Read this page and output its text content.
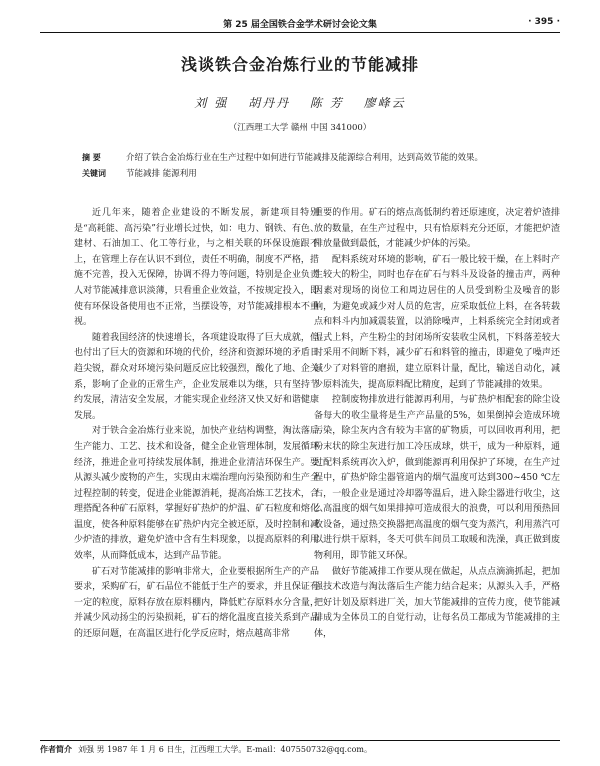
第 25 届全国铁合金学术研讨会论文集	· 395 ·
浅谈铁合金冶炼行业的节能减排
刘 强 胡丹丹 陈 芳 廖峰云
（江西理工大学 赣州 中国 341000）
摘 要	介绍了铁合金冶炼行业在生产过程中如何进行节能减排及能源综合利用，达到高效节能的效果。
关键词 节能减排 能源利用

近几年来，随着企业建设的不断发展，新建项目特别是“高耗能、高污染”行业增长过快，如：电力、钢铁、有色、建材、石油加工、化工等行业，与之相关联的环保设施跟不上，在管理上存在认识不到位，责任不明确，制度不严格，措施不完善，投入无保障，协调不得力等问题，特别是企业负责人对节能减排意识淡薄，只看重企业效益，不按规定投入，即使有环保设备使用也不正常，当摆设等，对节能减排根本不重视。

随着我国经济的快速增长，各项建设取得了巨大成就，但也付出了巨大的资源和环境的代价，经济和资源环境的矛盾日趋尖锐，群众对环境污染问题反应比较强烈，酸化了地、企关系，影响了企业的正常生产，企业发展难以为继，只有坚持节约发展，清洁安全发展，才能实现企业经济又快又好和谐健康发展。

对于铁合金冶炼行业来说，加快产业结构调整，淘汰落后生产能力、工艺、技术和设备，健全企业管理体制，发展循环经济，推进企业可持续发展体制，推进企业清洁环保生产。要从源头减少废物的产生，实现由末端治理向污染预防和生产全过程控制的转变，促进企业能源消耗，提高冶炼工艺技术，合理搭配各种矿石原料，掌握好矿热炉的炉温、矿石粒度和熔化温度，使各种原料能够在矿热炉内完全被还原，及时控制和减少炉渣的排放，避免炉渣中含有生料现象，以提高原料的利用效率，从而降低成本，达到产品节能。

矿石对节能减排的影响非常大，企业要根据所生产的产品要求，采购矿石，矿石品位不能低于生产的要求，并且保证有一定的粒度，原料存放在原料棚内，降低贮存原料水分含量，并减少风动扬尘的污染损耗，矿石的熔化温度直接关系到产品的还原问题，在高温区进行化学反应时，熔点越高非常

重要的作用。矿石的熔点高低制约着还原速度，决定着炉渣排放的数量，在生产过程中，只有恰原料充分还原，才能把炉渣排放量做到最低，才能减少炉体的污染。

配料系统对环境的影响，矿石一般比较干燥，在上料时产生较大的粉尘，同时也存在矿石与料斗及设备的撞击声，两种因素对现场的岗位工和周边居住的人员受到粉尘及噪音的影响，为避免或减少对人员的危害，应采取低位上料，在各转载点和料斗内加减震装置，以消除噪声，上料系统完全封闭或者湿式上料，产生粉尘的封闭场所安装收尘风机，下料落差较大时采用不间断下料，减少矿石和料管的撞击，即避免了噪声还减少了对料管的磨损，建立原料计量，配比，输送自动化，减少原料流失，提高原料配比精度，起到了节能减排的效果。

控制废物排放进行能源再利用，与矿热炉相配套的除尘设备每大的收尘量将是生产产品量的5%，如果倒掉会造成环境污染，除尘灰内含有较为丰富的矿物质，可以回收再利用，把粉末状的除尘灰进行加工冷压成球，烘干，成为一种原料，通过配料系统再次入炉，做到能源再利用保护了环境，在生产过程中，矿热炉除尘器管道内的烟气温度可达到300~450 ℃左右，一般企业是通过冷却器等温后，进入除尘器进行收尘，这么高温度的烟气如果排掉可造成很大的浪费，可以利用预热回收设备，通过热交换器把高温度的烟气变为蒸汽，利用蒸汽可以进行烘干原料，冬天可供车间员工取暖和洗澡，真正做到废物利用，即节能又环保。

做好节能减排工作要从现在做起，从点点滴滴抓起，把加强技术改造与淘汰落后生产能力结合起来；从源头入手，严格把好计划及原料进厂关，加大节能减排的宣传力度，使节能减排成为全体员工的自觉行动，让每名员工都成为节能减排的主体，

作者简介 刘强 男 1987 年 1 月 6 日生，江西理工大学。E-mail：407550732@qq.com。
